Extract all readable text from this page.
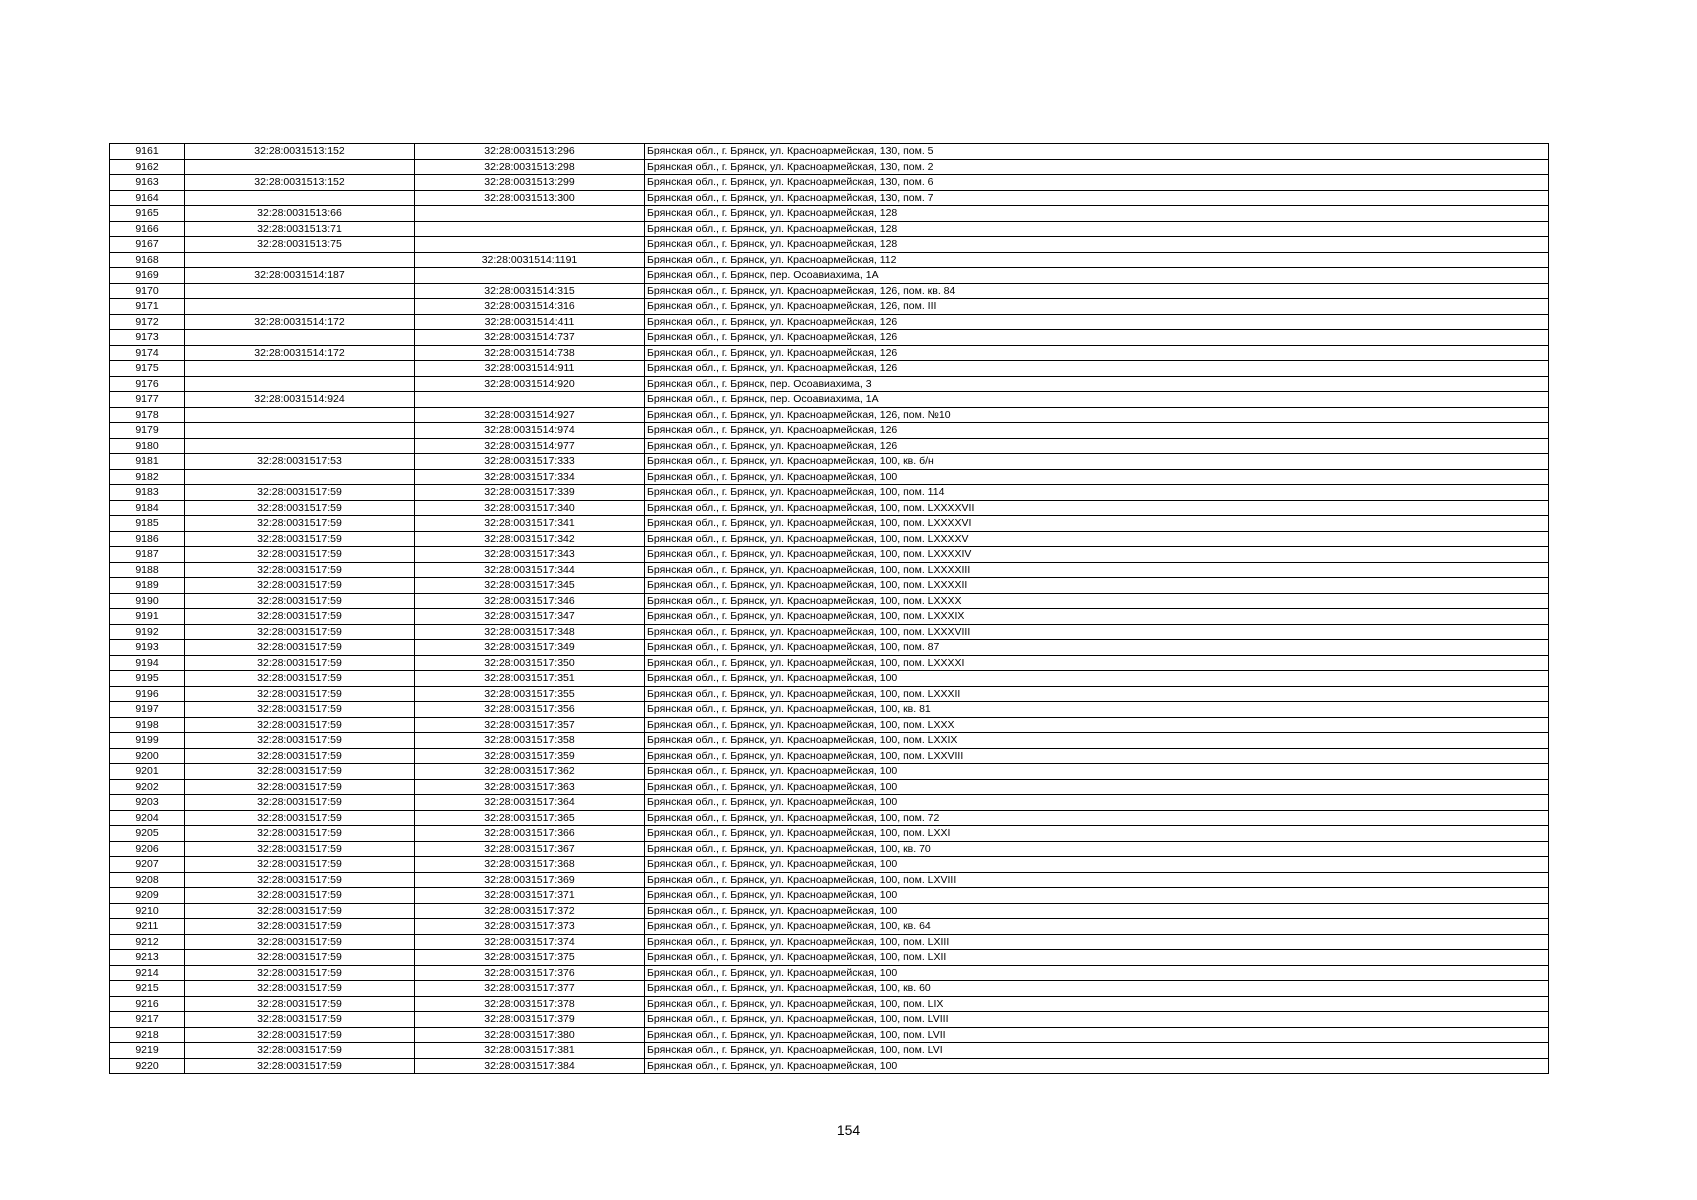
9161	32:28:0031513:152	32:28:0031513:296	Брянская обл., г. Брянск, ул. Красноармейская, 130, пом. 5
9162		32:28:0031513:298	Брянская обл., г. Брянск, ул. Красноармейская, 130, пом. 2
9163	32:28:0031513:152	32:28:0031513:299	Брянская обл., г. Брянск, ул. Красноармейская, 130, пом. 6
9164		32:28:0031513:300	Брянская обл., г. Брянск, ул. Красноармейская, 130, пом. 7
9165	32:28:0031513:66		Брянская обл., г. Брянск, ул. Красноармейская, 128
9166	32:28:0031513:71		Брянская обл., г. Брянск, ул. Красноармейская, 128
9167	32:28:0031513:75		Брянская обл., г. Брянск, ул. Красноармейская, 128
9168		32:28:0031514:1191	Брянская обл., г. Брянск, ул. Красноармейская, 112
9169	32:28:0031514:187		Брянская обл., г. Брянск, пер. Осоавиахима, 1А
9170		32:28:0031514:315	Брянская обл., г. Брянск, ул. Красноармейская, 126, пом. кв. 84
9171		32:28:0031514:316	Брянская обл., г. Брянск, ул. Красноармейская, 126, пом. III
9172	32:28:0031514:172	32:28:0031514:411	Брянская обл., г. Брянск, ул. Красноармейская, 126
9173		32:28:0031514:737	Брянская обл., г. Брянск, ул. Красноармейская, 126
9174	32:28:0031514:172	32:28:0031514:738	Брянская обл., г. Брянск, ул. Красноармейская, 126
9175		32:28:0031514:911	Брянская обл., г. Брянск, ул. Красноармейская, 126
9176		32:28:0031514:920	Брянская обл., г. Брянск, пер. Осоавиахима, 3
9177	32:28:0031514:924		Брянская обл., г. Брянск, пер. Осоавиахима, 1А
9178		32:28:0031514:927	Брянская обл., г. Брянск, ул. Красноармейская, 126, пом. №10
9179		32:28:0031514:974	Брянская обл., г. Брянск, ул. Красноармейская, 126
9180		32:28:0031514:977	Брянская обл., г. Брянск, ул. Красноармейская, 126
9181	32:28:0031517:53	32:28:0031517:333	Брянская обл., г. Брянск, ул. Красноармейская, 100, кв. б/н
9182		32:28:0031517:334	Брянская обл., г. Брянск, ул. Красноармейская, 100
9183	32:28:0031517:59	32:28:0031517:339	Брянская обл., г. Брянск, ул. Красноармейская, 100, пом. 114
9184	32:28:0031517:59	32:28:0031517:340	Брянская обл., г. Брянск, ул. Красноармейская, 100, пом. LXXXXVII
9185	32:28:0031517:59	32:28:0031517:341	Брянская обл., г. Брянск, ул. Красноармейская, 100, пом. LXXXXVI
9186	32:28:0031517:59	32:28:0031517:342	Брянская обл., г. Брянск, ул. Красноармейская, 100, пом. LXXXXV
9187	32:28:0031517:59	32:28:0031517:343	Брянская обл., г. Брянск, ул. Красноармейская, 100, пом. LXXXXIV
9188	32:28:0031517:59	32:28:0031517:344	Брянская обл., г. Брянск, ул. Красноармейская, 100, пом. LXXXXIII
9189	32:28:0031517:59	32:28:0031517:345	Брянская обл., г. Брянск, ул. Красноармейская, 100, пом. LXXXXII
9190	32:28:0031517:59	32:28:0031517:346	Брянская обл., г. Брянск, ул. Красноармейская, 100, пом. LXXXX
9191	32:28:0031517:59	32:28:0031517:347	Брянская обл., г. Брянск, ул. Красноармейская, 100, пом. LXXXIX
9192	32:28:0031517:59	32:28:0031517:348	Брянская обл., г. Брянск, ул. Красноармейская, 100, пом. LXXXVIII
9193	32:28:0031517:59	32:28:0031517:349	Брянская обл., г. Брянск, ул. Красноармейская, 100, пом. 87
9194	32:28:0031517:59	32:28:0031517:350	Брянская обл., г. Брянск, ул. Красноармейская, 100, пом. LXXXXI
9195	32:28:0031517:59	32:28:0031517:351	Брянская обл., г. Брянск, ул. Красноармейская, 100
9196	32:28:0031517:59	32:28:0031517:355	Брянская обл., г. Брянск, ул. Красноармейская, 100, пом. LXXXII
9197	32:28:0031517:59	32:28:0031517:356	Брянская обл., г. Брянск, ул. Красноармейская, 100, кв. 81
9198	32:28:0031517:59	32:28:0031517:357	Брянская обл., г. Брянск, ул. Красноармейская, 100, пом. LXXX
9199	32:28:0031517:59	32:28:0031517:358	Брянская обл., г. Брянск, ул. Красноармейская, 100, пом. LXXIX
9200	32:28:0031517:59	32:28:0031517:359	Брянская обл., г. Брянск, ул. Красноармейская, 100, пом. LXXVIII
9201	32:28:0031517:59	32:28:0031517:362	Брянская обл., г. Брянск, ул. Красноармейская, 100
9202	32:28:0031517:59	32:28:0031517:363	Брянская обл., г. Брянск, ул. Красноармейская, 100
9203	32:28:0031517:59	32:28:0031517:364	Брянская обл., г. Брянск, ул. Красноармейская, 100
9204	32:28:0031517:59	32:28:0031517:365	Брянская обл., г. Брянск, ул. Красноармейская, 100, пом. 72
9205	32:28:0031517:59	32:28:0031517:366	Брянская обл., г. Брянск, ул. Красноармейская, 100, пом. LXXI
9206	32:28:0031517:59	32:28:0031517:367	Брянская обл., г. Брянск, ул. Красноармейская, 100, кв. 70
9207	32:28:0031517:59	32:28:0031517:368	Брянская обл., г. Брянск, ул. Красноармейская, 100
9208	32:28:0031517:59	32:28:0031517:369	Брянская обл., г. Брянск, ул. Красноармейская, 100, пом. LXVIII
9209	32:28:0031517:59	32:28:0031517:371	Брянская обл., г. Брянск, ул. Красноармейская, 100
9210	32:28:0031517:59	32:28:0031517:372	Брянская обл., г. Брянск, ул. Красноармейская, 100
9211	32:28:0031517:59	32:28:0031517:373	Брянская обл., г. Брянск, ул. Красноармейская, 100, кв. 64
9212	32:28:0031517:59	32:28:0031517:374	Брянская обл., г. Брянск, ул. Красноармейская, 100, пом. LXIII
9213	32:28:0031517:59	32:28:0031517:375	Брянская обл., г. Брянск, ул. Красноармейская, 100, пом. LXII
9214	32:28:0031517:59	32:28:0031517:376	Брянская обл., г. Брянск, ул. Красноармейская, 100
9215	32:28:0031517:59	32:28:0031517:377	Брянская обл., г. Брянск, ул. Красноармейская, 100, кв. 60
9216	32:28:0031517:59	32:28:0031517:378	Брянская обл., г. Брянск, ул. Красноармейская, 100, пом. LIX
9217	32:28:0031517:59	32:28:0031517:379	Брянская обл., г. Брянск, ул. Красноармейская, 100, пом. LVIII
9218	32:28:0031517:59	32:28:0031517:380	Брянская обл., г. Брянск, ул. Красноармейская, 100, пом. LVII
9219	32:28:0031517:59	32:28:0031517:381	Брянская обл., г. Брянск, ул. Красноармейская, 100, пом. LVI
9220	32:28:0031517:59	32:28:0031517:384	Брянская обл., г. Брянск, ул. Красноармейская, 100
154
